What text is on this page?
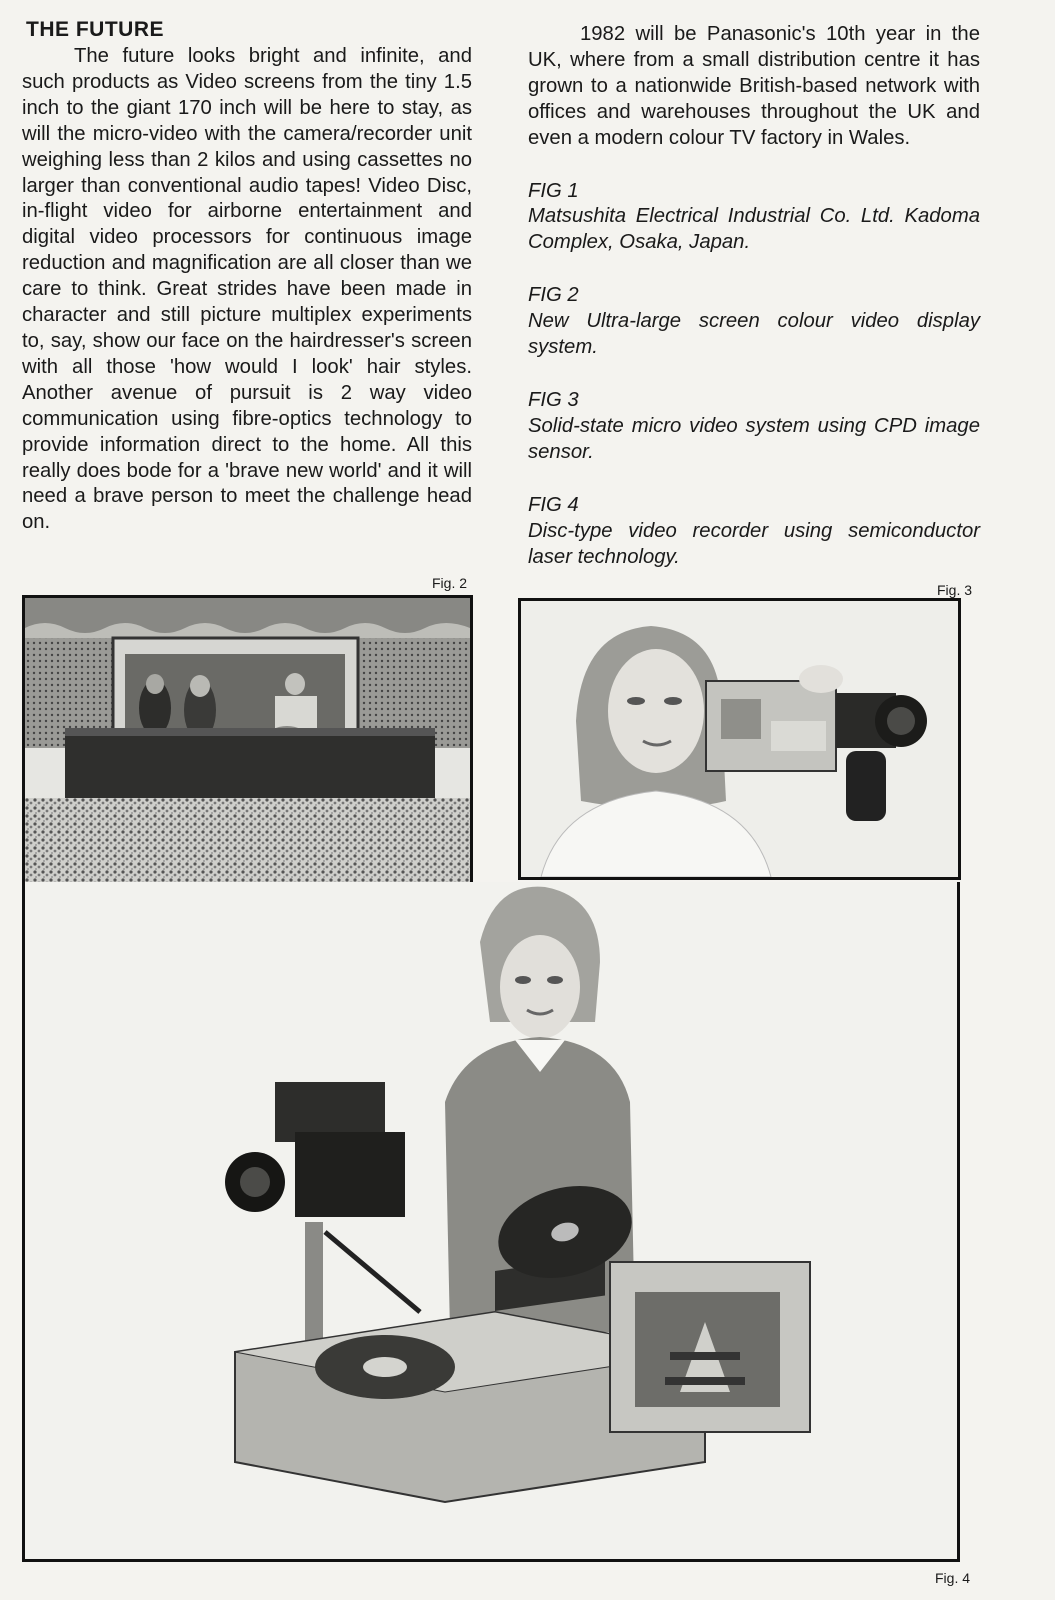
THE FUTURE

The future looks bright and infinite, and such products as Video screens from the tiny 1.5 inch to the giant 170 inch will be here to stay, as will the micro-video with the camera/recorder unit weighing less than 2 kilos and using cassettes no larger than conventional audio tapes! Video Disc, in-flight video for airborne entertainment and digital video processors for continuous image reduction and magnification are all closer than we care to think. Great strides have been made in character and still picture multiplex experiments to, say, show our face on the hairdresser's screen with all those 'how would I look' hair styles. Another avenue of pursuit is 2 way video communication using fibre-optics technology to provide information direct to the home. All this really does bode for a 'brave new world' and it will need a brave person to meet the challenge head on.

1982 will be Panasonic's 10th year in the UK, where from a small distribution centre it has grown to a nationwide British-based network with offices and warehouses throughout the UK and even a modern colour TV factory in Wales.

FIG 1

Matsushita Electrical Industrial Co. Ltd. Kadoma Complex, Osaka, Japan.

FIG 2

New Ultra-large screen colour video display system.

FIG 3

Solid-state micro video system using CPD image sensor.

FIG 4

Disc-type video recorder using semiconductor laser technology.

Fig. 2	Fig. 3
Fig. 4
